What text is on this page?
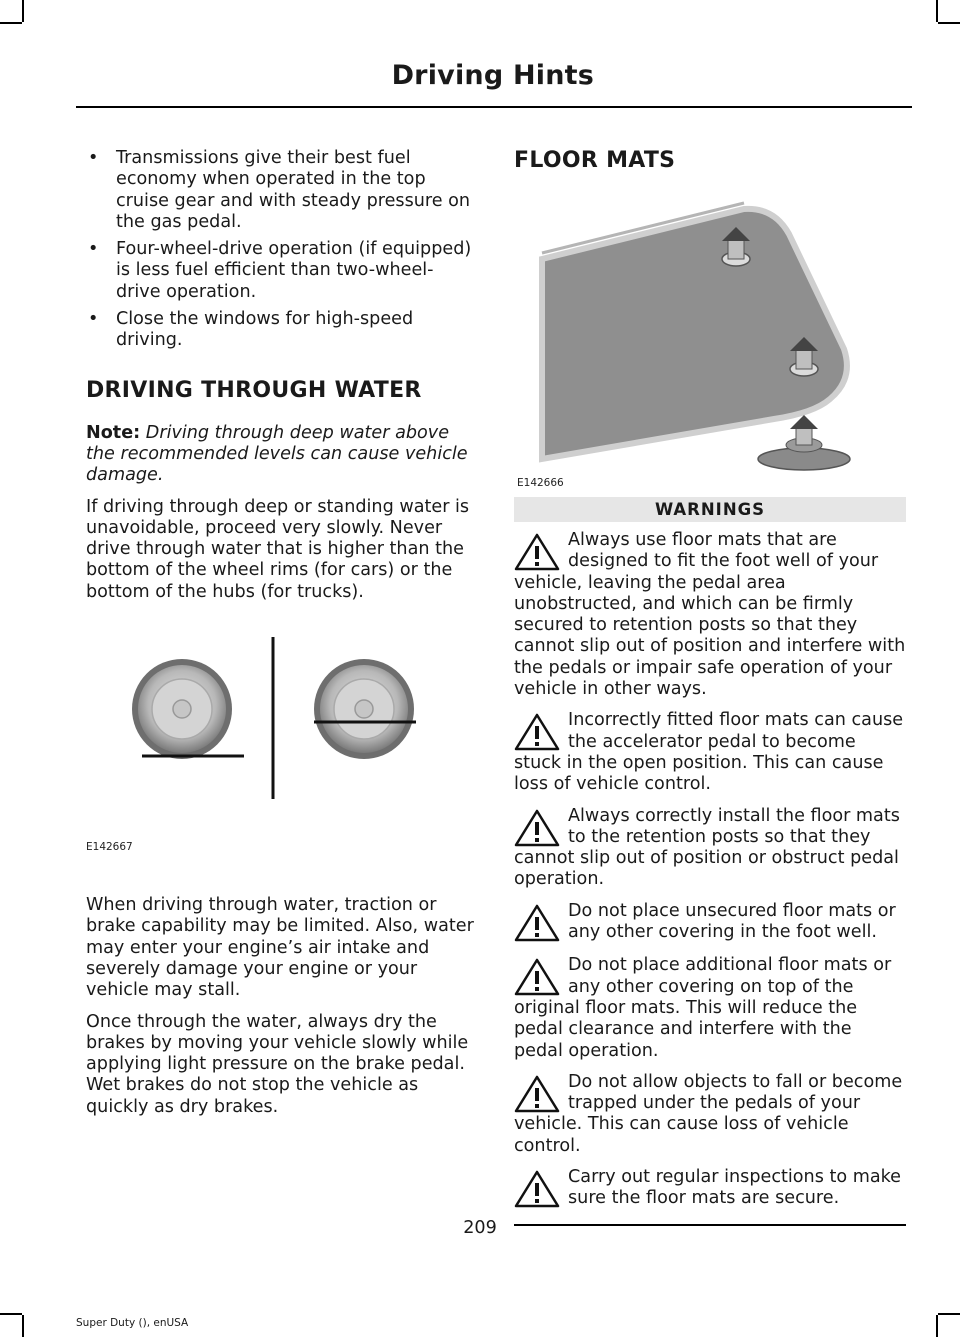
Driving Hints
• Transmissions give their best fuel economy when operated in the top cruise gear and with steady pressure on the gas pedal.
• Four-wheel-drive operation (if equipped) is less fuel efficient than two-wheel-drive operation.
• Close the windows for high-speed driving.
DRIVING THROUGH WATER

Note: Driving through deep water above the recommended levels can cause vehicle damage.

If driving through deep or standing water is unavoidable, proceed very slowly. Never drive through water that is higher than the bottom of the wheel rims (for cars) or the bottom of the hubs (for trucks).

E142667

When driving through water, traction or brake capability may be limited. Also, water may enter your engine’s air intake and severely damage your engine or your vehicle may stall.

Once through the water, always dry the brakes by moving your vehicle slowly while applying light pressure on the brake pedal. Wet brakes do not stop the vehicle as quickly as dry brakes.

FLOOR MATS
E142666
WARNINGS

Always use floor mats that are designed to fit the foot well of your vehicle, leaving the pedal area unobstructed, and which can be firmly secured to retention posts so that they cannot slip out of position and interfere with the pedals or impair safe operation of your vehicle in other ways.

Incorrectly fitted floor mats can cause the accelerator pedal to become stuck in the open position. This can cause loss of vehicle control.

Always correctly install the floor mats to the retention posts so that they cannot slip out of position or obstruct pedal operation.

Do not place unsecured floor mats or any other covering in the foot well.

Do not place additional floor mats or any other covering on top of the original floor mats. This will reduce the pedal clearance and interfere with the pedal operation.

Do not allow objects to fall or become trapped under the pedals of your vehicle. This can cause loss of vehicle control.

Carry out regular inspections to make sure the floor mats are secure.

209
Super Duty (), enUSA
